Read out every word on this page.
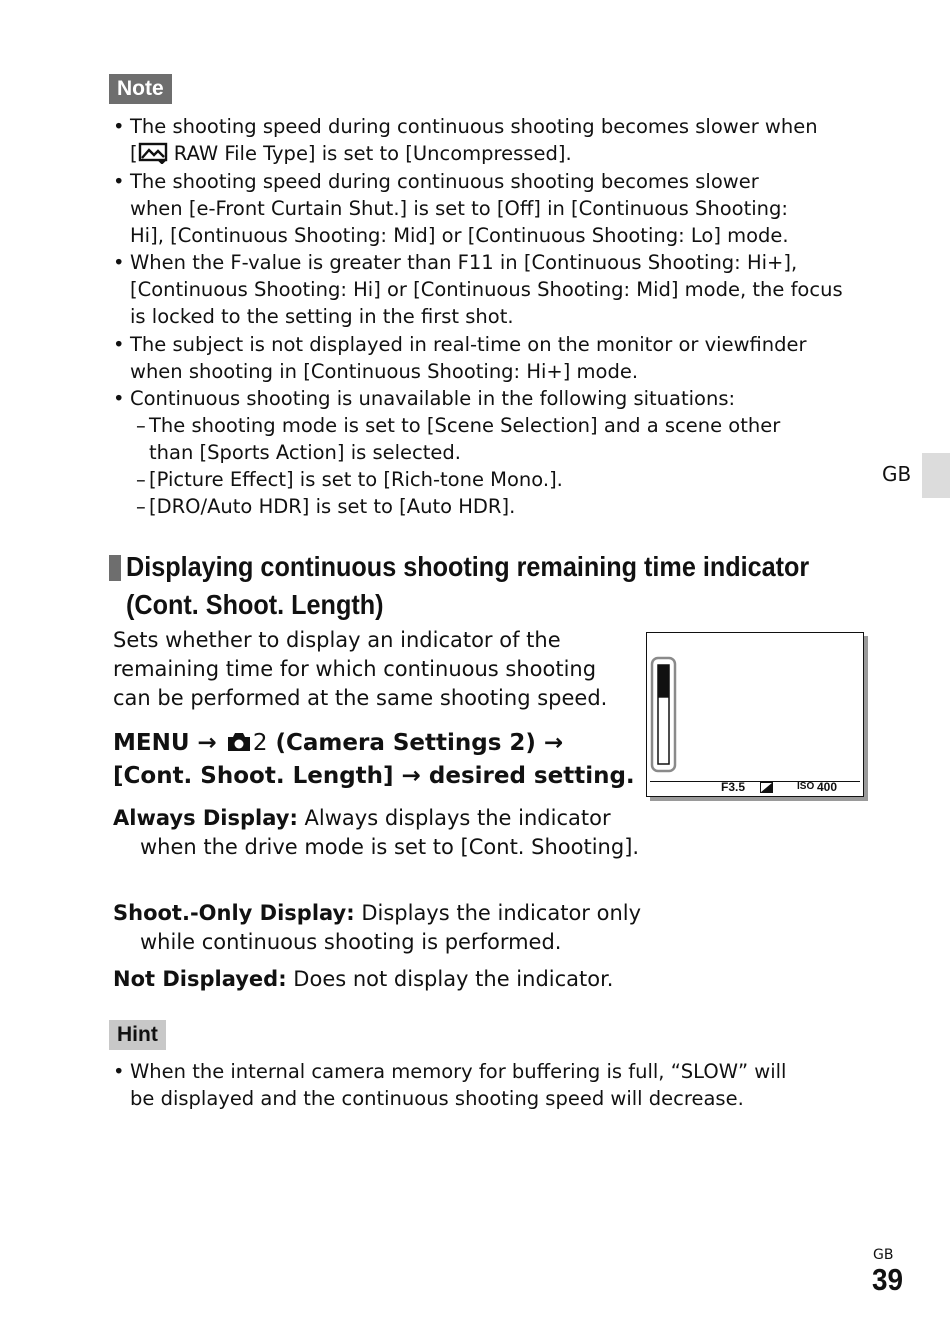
Note
• The shooting speed during continuous shooting becomes slower when [ RAW File Type] is set to [Uncompressed].
• The shooting speed during continuous shooting becomes slower when [e-Front Curtain Shut.] is set to [Off] in [Continuous Shooting: Hi], [Continuous Shooting: Mid] or [Continuous Shooting: Lo] mode.
• When the F-value is greater than F11 in [Continuous Shooting: Hi+], [Continuous Shooting: Hi] or [Continuous Shooting: Mid] mode, the focus is locked to the setting in the first shot.
• The subject is not displayed in real-time on the monitor or viewfinder when shooting in [Continuous Shooting: Hi+] mode.
• Continuous shooting is unavailable in the following situations:
– The shooting mode is set to [Scene Selection] and a scene other than [Sports Action] is selected.
– [Picture Effect] is set to [Rich-tone Mono.].
– [DRO/Auto HDR] is set to [Auto HDR].
GB
Displaying continuous shooting remaining time indicator (Cont. Shoot. Length)
Sets whether to display an indicator of the remaining time for which continuous shooting can be performed at the same shooting speed.
MENU → 2 (Camera Settings 2) →
[Cont. Shoot. Length] → desired setting.
Always Display: Always displays the indicator when the drive mode is set to [Cont. Shooting].
Shoot.-Only Display: Displays the indicator only while continuous shooting is performed.
Not Displayed: Does not display the indicator.
F3.5	ISO 400
Hint
• When the internal camera memory for buffering is full, “SLOW” will be displayed and the continuous shooting speed will decrease.
GB
39
